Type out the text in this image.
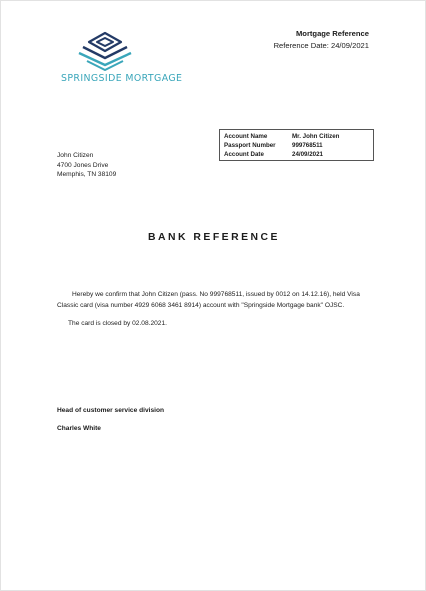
SPRINGSIDE MORTGAGE
Mortgage Reference
Reference Date: 24/09/2021
Account Name	Mr. John Citizen
Passport Number	999768511
Account Date	24/09/2021
John Citizen
4700 Jones Drive
Memphis, TN 38109
BANK REFERENCE

Hereby we confirm that John Citizen (pass. No 999768511, issued by 0012 on 14.12.16), held Visa Classic card (visa number 4929 6068 3461 8914) account with "Springside Mortgage bank" OJSC.

The card is closed by 02.08.2021.

Head of customer service division
Charles White
